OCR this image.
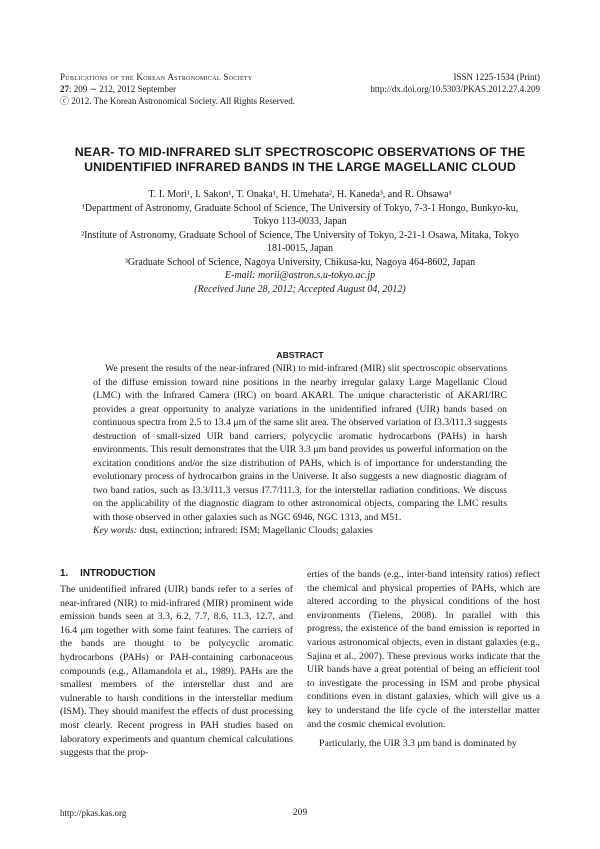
Publications of the Korean Astronomical Society
27: 209 ∼ 212, 2012 September
ⓒ 2012. The Korean Astronomical Society. All Rights Reserved.
ISSN 1225-1534 (Print)
http://dx.doi.org/10.5303/PKAS.2012.27.4.209
NEAR- TO MID-INFRARED SLIT SPECTROSCOPIC OBSERVATIONS OF THE
UNIDENTIFIED INFRARED BANDS IN THE LARGE MAGELLANIC CLOUD
T. I. Mori¹, I. Sakon¹, T. Onaka¹, H. Umehata², H. Kaneda³, and R. Ohsawa¹
¹Department of Astronomy, Graduate School of Science, The University of Tokyo, 7-3-1 Hongo, Bunkyo-ku,
Tokyo 113-0033, Japan
²Institute of Astronomy, Graduate School of Science, The University of Tokyo, 2-21-1 Osawa, Mitaka, Tokyo
181-0015, Japan
³Graduate School of Science, Nagoya University, Chikusa-ku, Nagoya 464-8602, Japan
E-mail: morii@astron.s.u-tokyo.ac.jp
(Received June 28, 2012; Accepted August 04, 2012)
ABSTRACT
We present the results of the near-infrared (NIR) to mid-infrared (MIR) slit spectroscopic observations of the diffuse emission toward nine positions in the nearby irregular galaxy Large Magellanic Cloud (LMC) with the Infrared Camera (IRC) on board AKARI. The unique characteristic of AKARI/IRC provides a great opportunity to analyze variations in the unidentified infrared (UIR) bands based on continuous spectra from 2.5 to 13.4 μm of the same slit area. The observed variation of I3.3/I11.3 suggests destruction of small-sized UIR band carriers, polycyclic aromatic hydrocarbons (PAHs) in harsh environments. This result demonstrates that the UIR 3.3 μm band provides us powerful information on the excitation conditions and/or the size distribution of PAHs, which is of importance for understanding the evolutionary process of hydrocarbon grains in the Universe. It also suggests a new diagnostic diagram of two band ratios, such as I3.3/I11.3 versus I7.7/I11.3, for the interstellar radiation conditions. We discuss on the applicability of the diagnostic diagram to other astronomical objects, comparing the LMC results with those observed in other galaxies such as NGC 6946, NGC 1313, and M51.
Key words: dust, extinction; infrared: ISM; Magellanic Clouds; galaxies
1. INTRODUCTION

The unidentified infrared (UIR) bands refer to a series of near-infrared (NIR) to mid-infrared (MIR) prominent wide emission bands seen at 3.3, 6.2, 7.7, 8.6, 11.3, 12.7, and 16.4 μm together with some faint features. The carriers of the bands are thought to be polycyclic aromatic hydrocarbons (PAHs) or PAH-containing carbonaceous compounds (e.g., Allamandola et al., 1989). PAHs are the smallest members of the interstellar dust and are vulnerable to harsh conditions in the interstellar medium (ISM). They should manifest the effects of dust processing most clearly. Recent progress in PAH studies based on laboratory experiments and quantum chemical calculations suggests that the prop-

erties of the bands (e.g., inter-band intensity ratios) reflect the chemical and physical properties of PAHs, which are altered according to the physical conditions of the host environments (Tielens, 2008). In parallel with this progress, the existence of the band emission is reported in various astronomical objects, even in distant galaxies (e.g., Sajina et al., 2007). These previous works indicate that the UIR bands have a great potential of being an efficient tool to investigate the processing in ISM and probe physical conditions even in distant galaxies, which will give us a key to understand the life cycle of the interstellar matter and the cosmic chemical evolution.

Particularly, the UIR 3.3 μm band is dominated by

http://pkas.kas.org	209
